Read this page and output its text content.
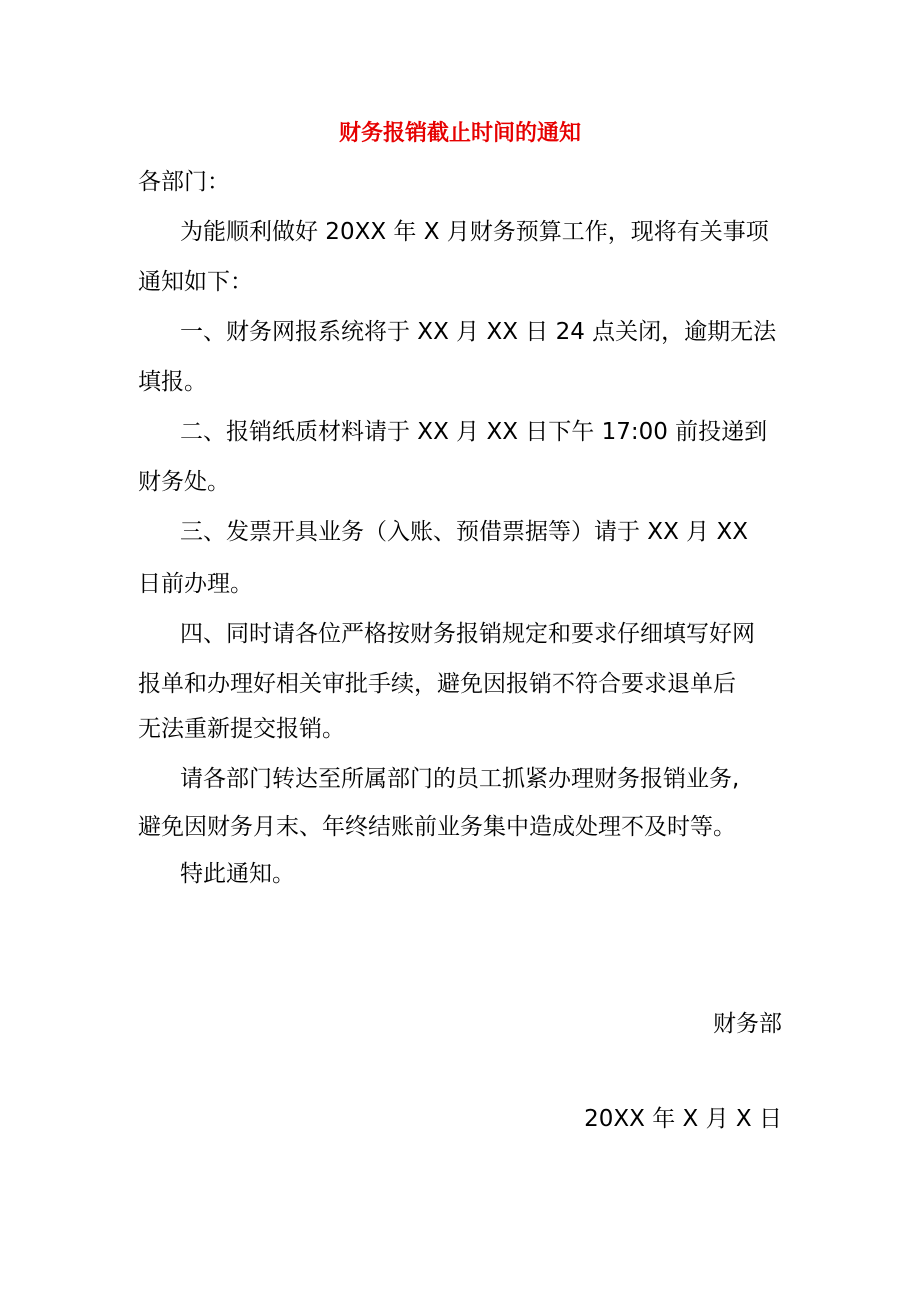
财务报销截止时间的通知
各部门：
为能顺利做好 20XX 年 X 月财务预算工作，现将有关事项
通知如下：
一、财务网报系统将于 XX 月 XX 日 24 点关闭，逾期无法
填报。
二、报销纸质材料请于 XX 月 XX 日下午 17:00 前投递到
财务处。
三、发票开具业务（入账、预借票据等）请于 XX 月 XX
日前办理。
四、同时请各位严格按财务报销规定和要求仔细填写好网
报单和办理好相关审批手续，避免因报销不符合要求退单后
无法重新提交报销。
请各部门转达至所属部门的员工抓紧办理财务报销业务,
避免因财务月末、年终结账前业务集中造成处理不及时等。
特此通知。
财务部
20XX 年 X 月 X 日
